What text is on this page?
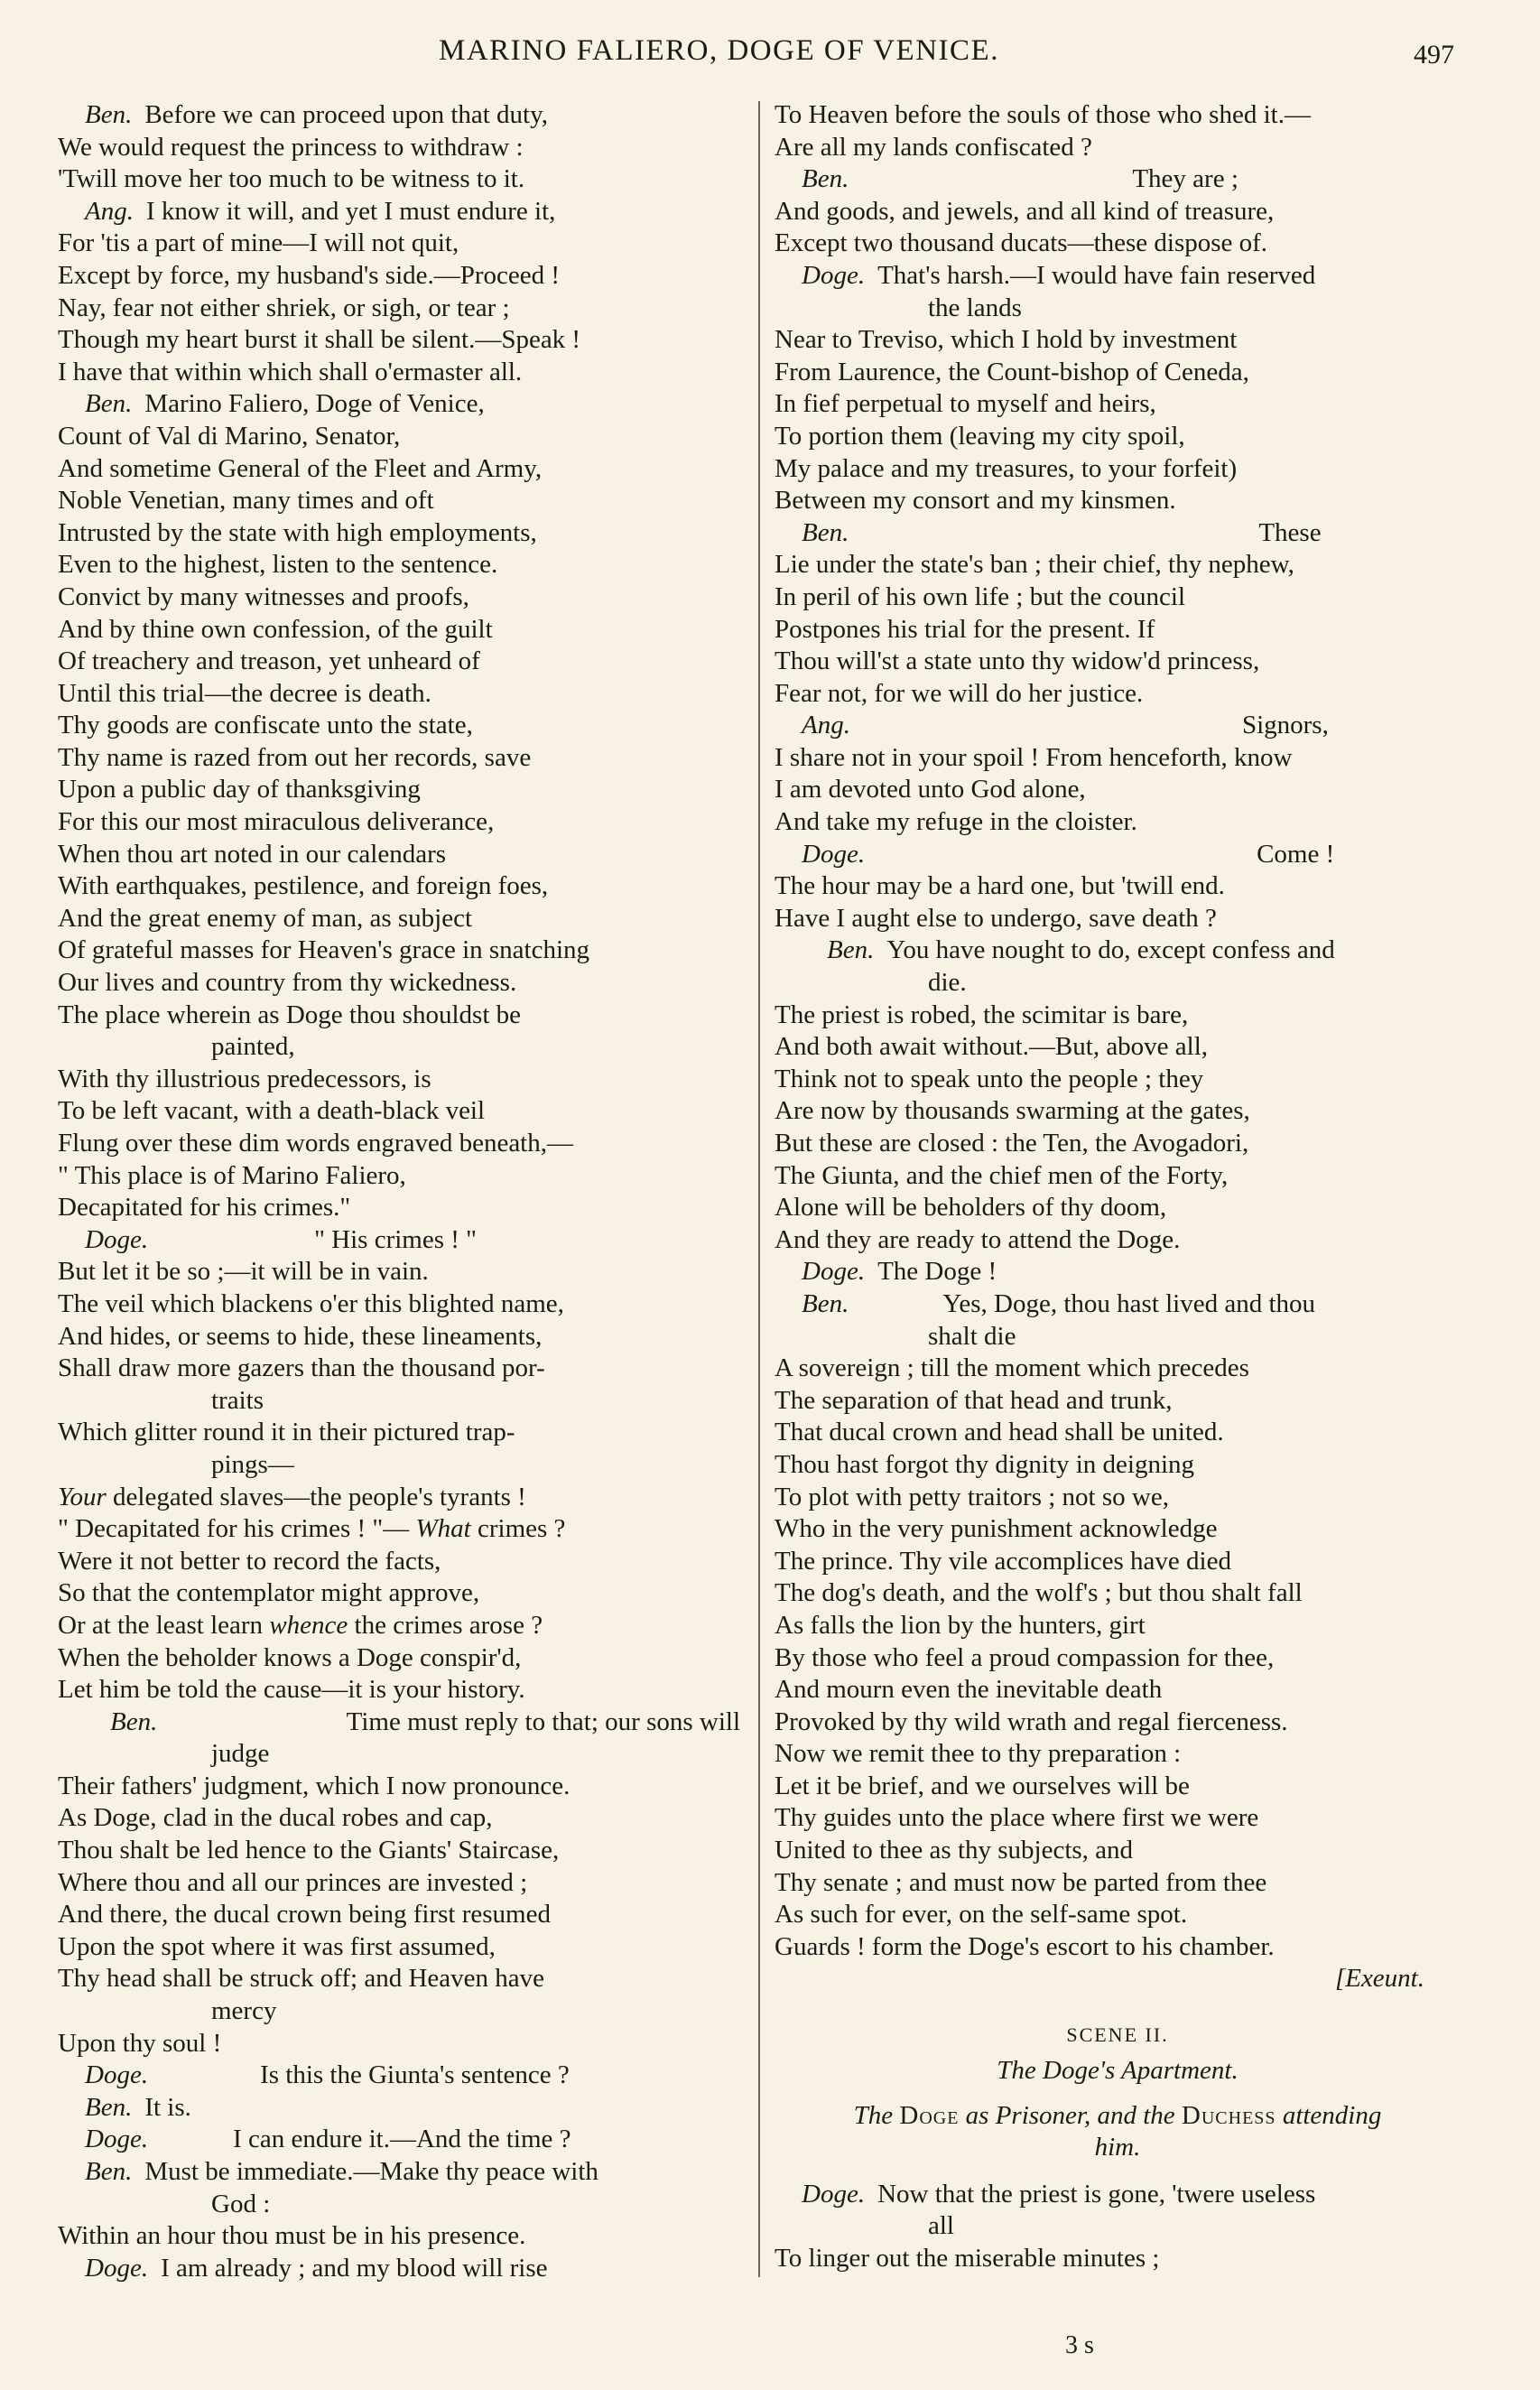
MARINO FALIERO, DOGE OF VENICE.	497
Ben. Before we can proceed upon that duty,
We would request the princess to withdraw :
'Twill move her too much to be witness to it.
Ang. I know it will, and yet I must endure it,
For 'tis a part of mine—I will not quit,
Except by force, my husband's side.—Proceed !
Nay, fear not either shriek, or sigh, or tear ;
Though my heart burst it shall be silent.—Speak !
I have that within which shall o'ermaster all.
Ben. Marino Faliero, Doge of Venice,
Count of Val di Marino, Senator,
And sometime General of the Fleet and Army,
Noble Venetian, many times and oft
Intrusted by the state with high employments,
Even to the highest, listen to the sentence.
Convict by many witnesses and proofs,
And by thine own confession, of the guilt
Of treachery and treason, yet unheard of
Until this trial—the decree is death.
Thy goods are confiscate unto the state,
Thy name is razed from out her records, save
Upon a public day of thanksgiving
For this our most miraculous deliverance,
When thou art noted in our calendars
With earthquakes, pestilence, and foreign foes,
And the great enemy of man, as subject
Of grateful masses for Heaven's grace in snatching
Our lives and country from thy wickedness.
The place wherein as Doge thou shouldst be
painted,
With thy illustrious predecessors, is
To be left vacant, with a death-black veil
Flung over these dim words engraved beneath,—
" This place is of Marino Faliero,
Decapitated for his crimes."
Doge.	" His crimes ! "
But let it be so ;—it will be in vain.
The veil which blackens o'er this blighted name,
And hides, or seems to hide, these lineaments,
Shall draw more gazers than the thousand por-
traits
Which glitter round it in their pictured trap-
pings—
Your delegated slaves—the people's tyrants !
" Decapitated for his crimes ! "— What crimes ?
Were it not better to record the facts,
So that the contemplator might approve,
Or at the least learn whence the crimes arose ?
When the beholder knows a Doge conspir'd,
Let him be told the cause—it is your history.
Ben.	Time must reply to that; our sons will
judge
Their fathers' judgment, which I now pronounce.
As Doge, clad in the ducal robes and cap,
Thou shalt be led hence to the Giants' Staircase,
Where thou and all our princes are invested ;
And there, the ducal crown being first resumed
Upon the spot where it was first assumed,
Thy head shall be struck off; and Heaven have
mercy
Upon thy soul !
Doge.	Is this the Giunta's sentence ?
Ben. It is.
Doge.	I can endure it.—And the time ?
Ben. Must be immediate.—Make thy peace with
God :
Within an hour thou must be in his presence.
Doge. I am already ; and my blood will rise
To Heaven before the souls of those who shed it.—
Are all my lands confiscated ?
Ben.	They are ;
And goods, and jewels, and all kind of treasure,
Except two thousand ducats—these dispose of.
Doge. That's harsh.—I would have fain reserved
the lands
Near to Treviso, which I hold by investment
From Laurence, the Count-bishop of Ceneda,
In fief perpetual to myself and heirs,
To portion them (leaving my city spoil,
My palace and my treasures, to your forfeit)
Between my consort and my kinsmen.
Ben.	These
Lie under the state's ban ; their chief, thy nephew,
In peril of his own life ; but the council
Postpones his trial for the present. If
Thou will'st a state unto thy widow'd princess,
Fear not, for we will do her justice.
Ang.	Signors,
I share not in your spoil ! From henceforth, know
I am devoted unto God alone,
And take my refuge in the cloister.
Doge.	Come !
The hour may be a hard one, but 'twill end.
Have I aught else to undergo, save death ?
Ben. You have nought to do, except confess and
die.
The priest is robed, the scimitar is bare,
And both await without.—But, above all,
Think not to speak unto the people ; they
Are now by thousands swarming at the gates,
But these are closed : the Ten, the Avogadori,
The Giunta, and the chief men of the Forty,
Alone will be beholders of thy doom,
And they are ready to attend the Doge.
Doge. The Doge !
Ben.	Yes, Doge, thou hast lived and thou
shalt die
A sovereign ; till the moment which precedes
The separation of that head and trunk,
That ducal crown and head shall be united.
Thou hast forgot thy dignity in deigning
To plot with petty traitors ; not so we,
Who in the very punishment acknowledge
The prince. Thy vile accomplices have died
The dog's death, and the wolf's ; but thou shalt fall
As falls the lion by the hunters, girt
By those who feel a proud compassion for thee,
And mourn even the inevitable death
Provoked by thy wild wrath and regal fierceness.
Now we remit thee to thy preparation :
Let it be brief, and we ourselves will be
Thy guides unto the place where first we were
United to thee as thy subjects, and
Thy senate ; and must now be parted from thee
As such for ever, on the self-same spot.
Guards ! form the Doge's escort to his chamber.
[Exeunt.
SCENE II.
The Doge's Apartment.
The Doge as Prisoner, and the Duchess attending
him.
Doge. Now that the priest is gone, 'twere useless
all
To linger out the miserable minutes ;
3 s
